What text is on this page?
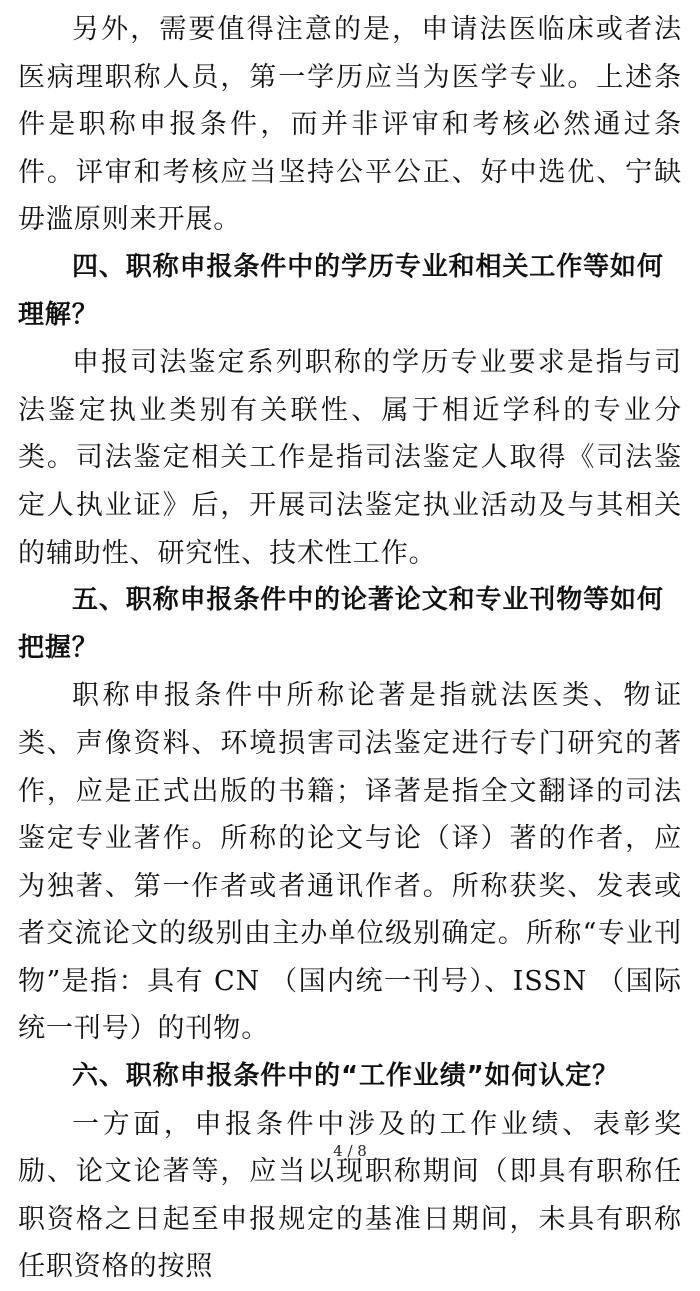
另外，需要值得注意的是，申请法医临床或者法医病理职称人员，第一学历应当为医学专业。上述条件是职称申报条件，而并非评审和考核必然通过条件。评审和考核应当坚持公平公正、好中选优、宁缺毋滥原则来开展。

四、职称申报条件中的学历专业和相关工作等如何理解？

申报司法鉴定系列职称的学历专业要求是指与司法鉴定执业类别有关联性、属于相近学科的专业分类。司法鉴定相关工作是指司法鉴定人取得《司法鉴定人执业证》后，开展司法鉴定执业活动及与其相关的辅助性、研究性、技术性工作。

五、职称申报条件中的论著论文和专业刊物等如何把握？

职称申报条件中所称论著是指就法医类、物证类、声像资料、环境损害司法鉴定进行专门研究的著作，应是正式出版的书籍；译著是指全文翻译的司法鉴定专业著作。所称的论文与论（译）著的作者，应为独著、第一作者或者通讯作者。所称获奖、发表或者交流论文的级别由主办单位级别确定。所称“专业刊物”是指：具有 CN （国内统一刊号）、ISSN （国际统一刊号）的刊物。

六、职称申报条件中的“工作业绩”如何认定？

一方面，申报条件中涉及的工作业绩、表彰奖励、论文论著等，应当以现职称期间（即具有职称任职资格之日起至申报规定的基准日期间，未具有职称任职资格的按照

4 / 8
